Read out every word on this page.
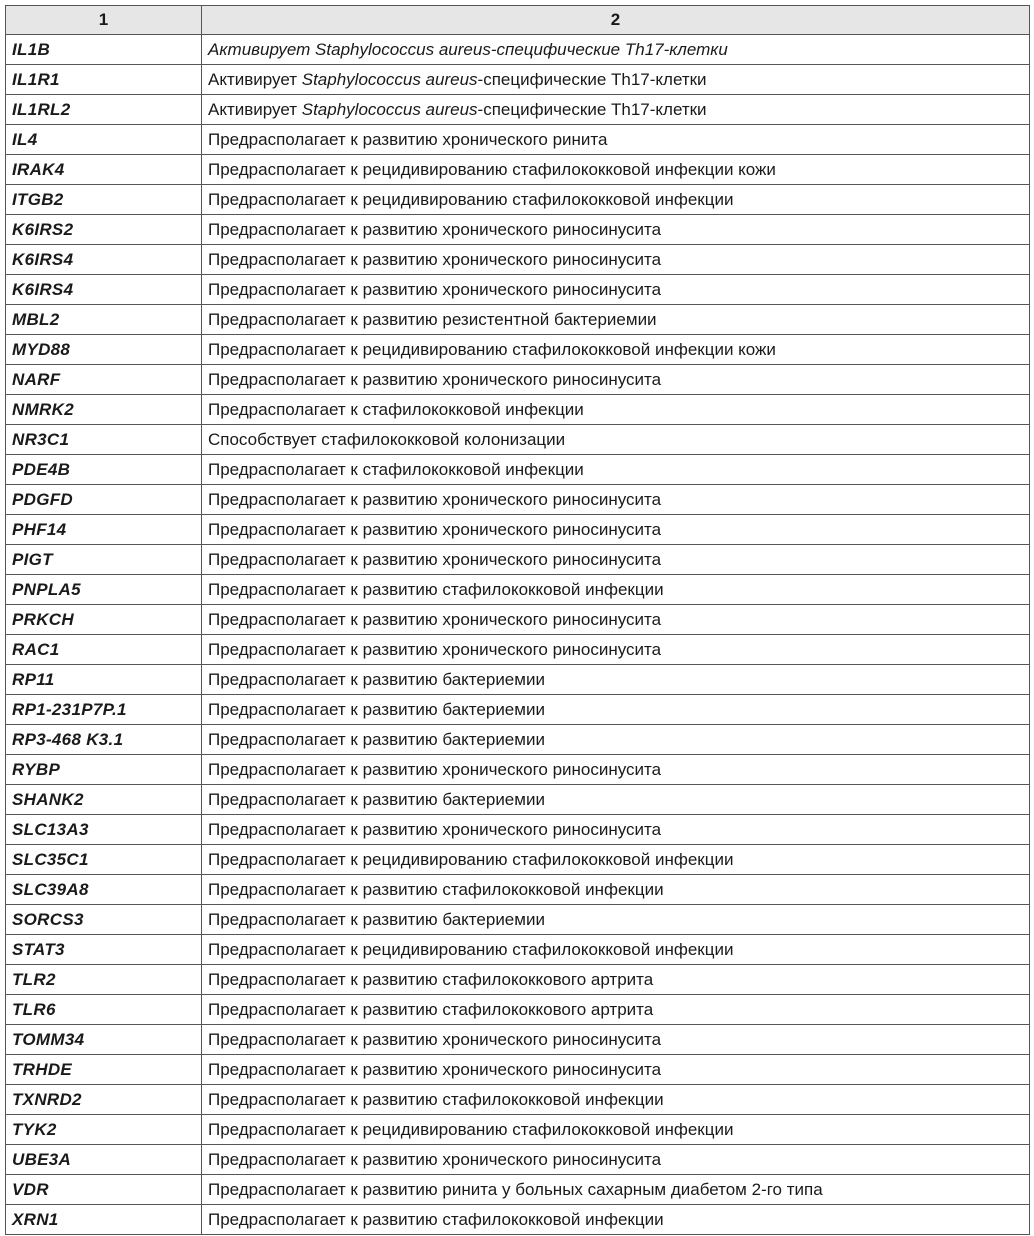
1	2
IL1B	Активирует Staphylococcus aureus-специфические Th17-клетки
IL1R1	Активирует Staphylococcus aureus-специфические Th17-клетки
IL1RL2	Активирует Staphylococcus aureus-специфические Th17-клетки
IL4	Предрасполагает к развитию хронического ринита
IRAK4	Предрасполагает к рецидивированию стафилококковой инфекции кожи
ITGB2	Предрасполагает к рецидивированию стафилококковой инфекции
K6IRS2	Предрасполагает к развитию хронического риносинусита
K6IRS4	Предрасполагает к развитию хронического риносинусита
K6IRS4	Предрасполагает к развитию хронического риносинусита
MBL2	Предрасполагает к развитию резистентной бактериемии
MYD88	Предрасполагает к рецидивированию стафилококковой инфекции кожи
NARF	Предрасполагает к развитию хронического риносинусита
NMRK2	Предрасполагает к стафилококковой инфекции
NR3C1	Способствует стафилококковой колонизации
PDE4B	Предрасполагает к стафилококковой инфекции
PDGFD	Предрасполагает к развитию хронического риносинусита
PHF14	Предрасполагает к развитию хронического риносинусита
PIGT	Предрасполагает к развитию хронического риносинусита
PNPLA5	Предрасполагает к развитию стафилококковой инфекции
PRKCH	Предрасполагает к развитию хронического риносинусита
RAC1	Предрасполагает к развитию хронического риносинусита
RP11	Предрасполагает к развитию бактериемии
RP1-231P7P.1	Предрасполагает к развитию бактериемии
RP3-468 K3.1	Предрасполагает к развитию бактериемии
RYBP	Предрасполагает к развитию хронического риносинусита
SHANK2	Предрасполагает к развитию бактериемии
SLC13A3	Предрасполагает к развитию хронического риносинусита
SLC35C1	Предрасполагает к рецидивированию стафилококковой инфекции
SLC39A8	Предрасполагает к развитию стафилококковой инфекции
SORCS3	Предрасполагает к развитию бактериемии
STAT3	Предрасполагает к рецидивированию стафилококковой инфекции
TLR2	Предрасполагает к развитию стафилококкового артрита
TLR6	Предрасполагает к развитию стафилококкового артрита
TOMM34	Предрасполагает к развитию хронического риносинусита
TRHDE	Предрасполагает к развитию хронического риносинусита
TXNRD2	Предрасполагает к развитию стафилококковой инфекции
TYK2	Предрасполагает к рецидивированию стафилококковой инфекции
UBE3A	Предрасполагает к развитию хронического риносинусита
VDR	Предрасполагает к развитию ринита у больных сахарным диабетом 2-го типа
XRN1	Предрасполагает к развитию стафилококковой инфекции
